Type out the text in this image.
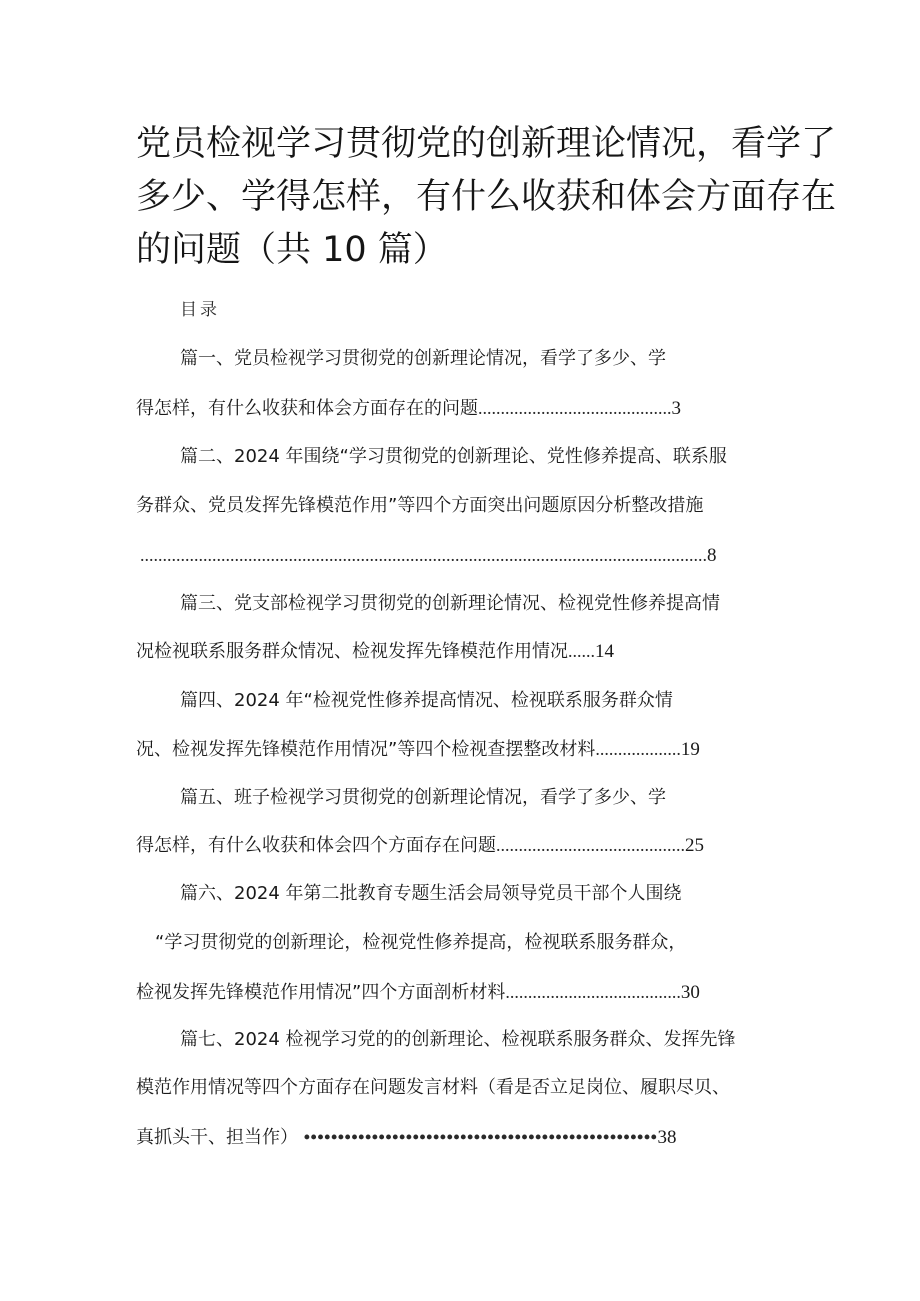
党员检视学习贯彻党的创新理论情况，看学了
多少、学得怎样，有什么收获和体会方面存在
的问题（共 10 篇）
目录
篇一、党员检视学习贯彻党的创新理论情况，看学了多少、学
得怎样，有什么收获和体会方面存在的问题...........................................3
篇二、2024 年围绕“学习贯彻党的创新理论、党性修养提高、联系服
务群众、党员发挥先锋模范作用”等四个方面突出问题原因分析整改措施
..............................................................................................................................8
篇三、党支部检视学习贯彻党的创新理论情况、检视党性修养提高情
况检视联系服务群众情况、检视发挥先锋模范作用情况......14
篇四、2024 年“检视党性修养提高情况、检视联系服务群众情
况、检视发挥先锋模范作用情况”等四个检视查摆整改材料...................19
篇五、班子检视学习贯彻党的创新理论情况，看学了多少、学
得怎样，有什么收获和体会四个方面存在问题..........................................25
篇六、2024 年第二批教育专题生活会局领导党员干部个人围绕
“学习贯彻党的创新理论，检视党性修养提高，检视联系服务群众，
检视发挥先锋模范作用情况”四个方面剖析材料.......................................30
篇七、2024 检视学习党的的创新理论、检视联系服务群众、发挥先锋
模范作用情况等四个方面存在问题发言材料（看是否立足岗位、履职尽贝、
真抓头干、担当作） ••••••••••••••••••••••••••••••••••••••••••••••••••••38
